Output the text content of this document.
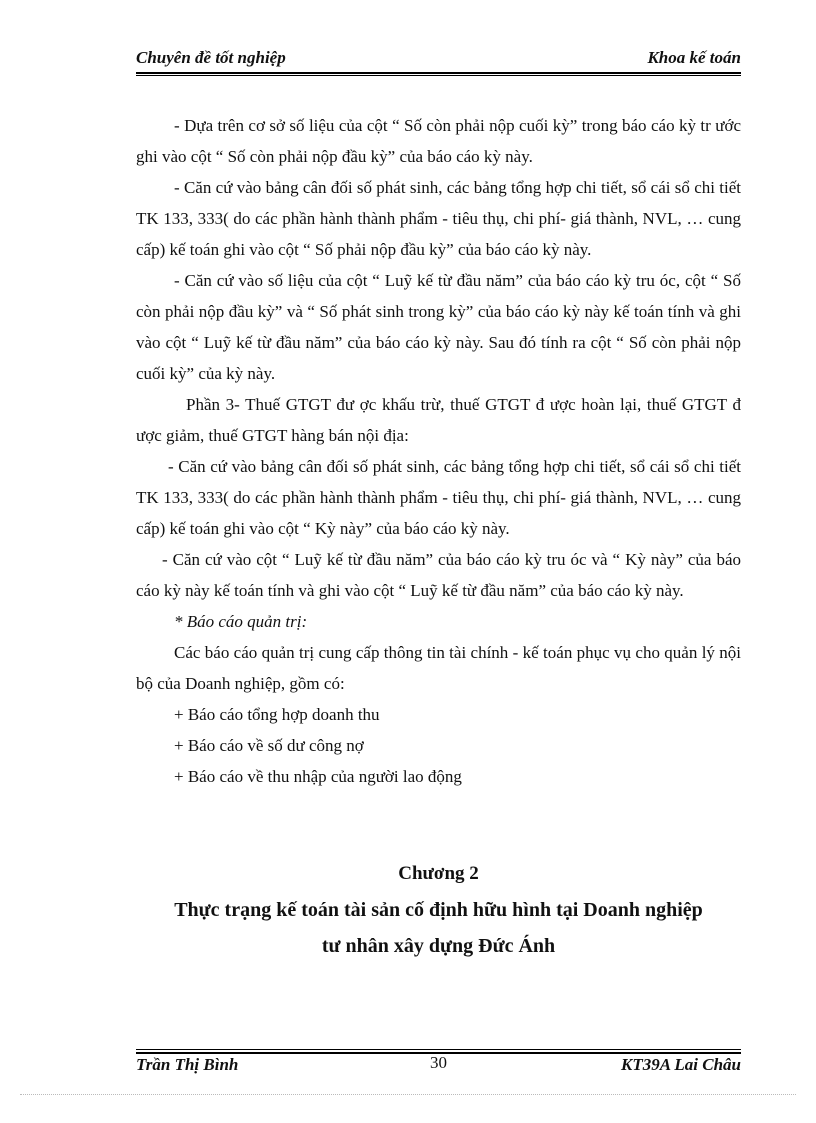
Chuyên đề tốt nghiệp	Khoa kế toán

- Dựa trên cơ sở số liệu của cột “ Số còn phải nộp cuối kỳ” trong báo cáo kỳ tr ước ghi vào cột “ Số còn phải nộp đầu kỳ” của báo cáo kỳ này.

- Căn cứ vào bảng cân đối số phát sinh, các bảng tổng hợp chi tiết, sổ cái sổ chi tiết TK 133, 333( do các phần hành thành phẩm - tiêu thụ, chi phí- giá thành, NVL, … cung cấp) kế toán ghi vào cột “ Số phải nộp đầu kỳ” của báo cáo kỳ này.

- Căn cứ vào số liệu của cột “ Luỹ kế từ đầu năm” của báo cáo kỳ tru óc, cột “ Số còn phải nộp đầu kỳ” và “ Số phát sinh trong kỳ” của báo cáo kỳ này kế toán tính và ghi vào cột “ Luỹ kế từ đầu năm” của báo cáo kỳ này. Sau đó tính ra cột “ Số còn phải nộp cuối kỳ” của kỳ này.

Phần 3- Thuế GTGT đư ợc khấu trừ, thuế GTGT đ ược hoàn lại, thuế GTGT đ ược giảm, thuế GTGT hàng bán nội địa:

- Căn cứ vào bảng cân đối số phát sinh, các bảng tổng hợp chi tiết, sổ cái sổ chi tiết TK 133, 333( do các phần hành thành phẩm - tiêu thụ, chi phí- giá thành, NVL, … cung cấp) kế toán ghi vào cột “ Kỳ này” của báo cáo kỳ này.

- Căn cứ vào cột “ Luỹ kế từ đầu năm” của báo cáo kỳ tru óc và “ Kỳ này” của báo cáo kỳ này kế toán tính và ghi vào cột “ Luỹ kế từ đầu năm” của báo cáo kỳ này.

* Báo cáo quản trị:

Các báo cáo quản trị cung cấp thông tin tài chính - kế toán phục vụ cho quản lý nội bộ của Doanh nghiệp, gồm có:

+ Báo cáo tổng hợp doanh thu

+ Báo cáo về số dư công nợ

+ Báo cáo về thu nhập của người lao động

Chương 2
Thực trạng kế toán tài sản cố định hữu hình tại Doanh nghiệp
tư nhân xây dựng Đức Ánh
Trần Thị Bình	30	KT39A Lai Châu
